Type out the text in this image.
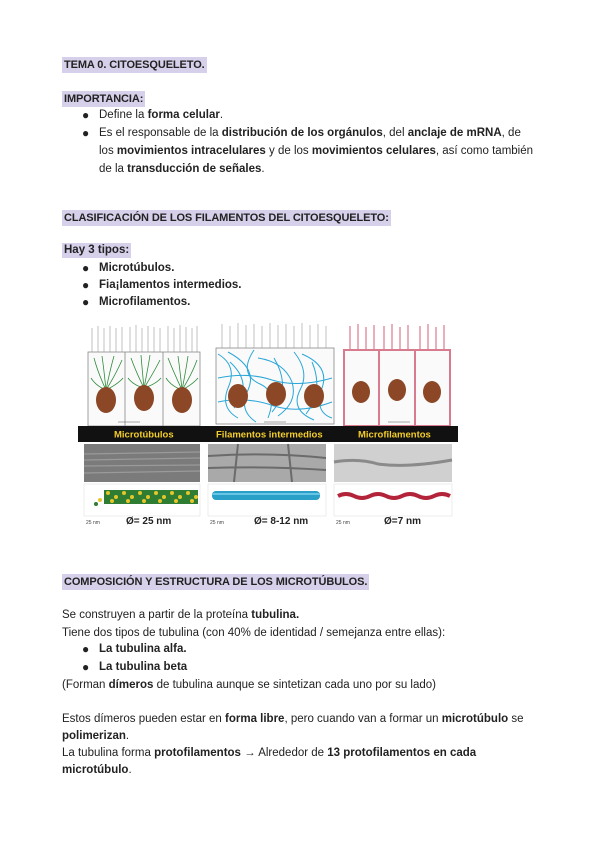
TEMA 0. CITOESQUELETO.
IMPORTANCIA:
● Define la forma celular.
● Es el responsable de la distribución de los orgánulos, del anclaje de mRNA, de
los movimientos intracelulares y de los movimientos celulares, así como también
de la transducción de señales.
CLASIFICACIÓN DE LOS FILAMENTOS DEL CITOESQUELETO:
Hay 3 tipos:
● Microtúbulos.
● Fia¡lamentos intermedios.
● Microfilamentos.
Microtúbulos	Filamentos intermedios	Microfilamentos
Ø= 25 nm	Ø= 8-12 nm	Ø=7 nm
25 nm	25 nm	25 nm
COMPOSICIÓN Y ESTRUCTURA DE LOS MICROTÚBULOS.
Se construyen a partir de la proteína tubulina.
Tiene dos tipos de tubulina (con 40% de identidad / semejanza entre ellas):
● La tubulina alfa.
● La tubulina beta
(Forman dímeros de tubulina aunque se sintetizan cada uno por su lado)
Estos dímeros pueden estar en forma libre, pero cuando van a formar un microtúbulo se
polimerizan.
La tubulina forma protofilamentos → Alrededor de 13 protofilamentos en cada
microtúbulo.
